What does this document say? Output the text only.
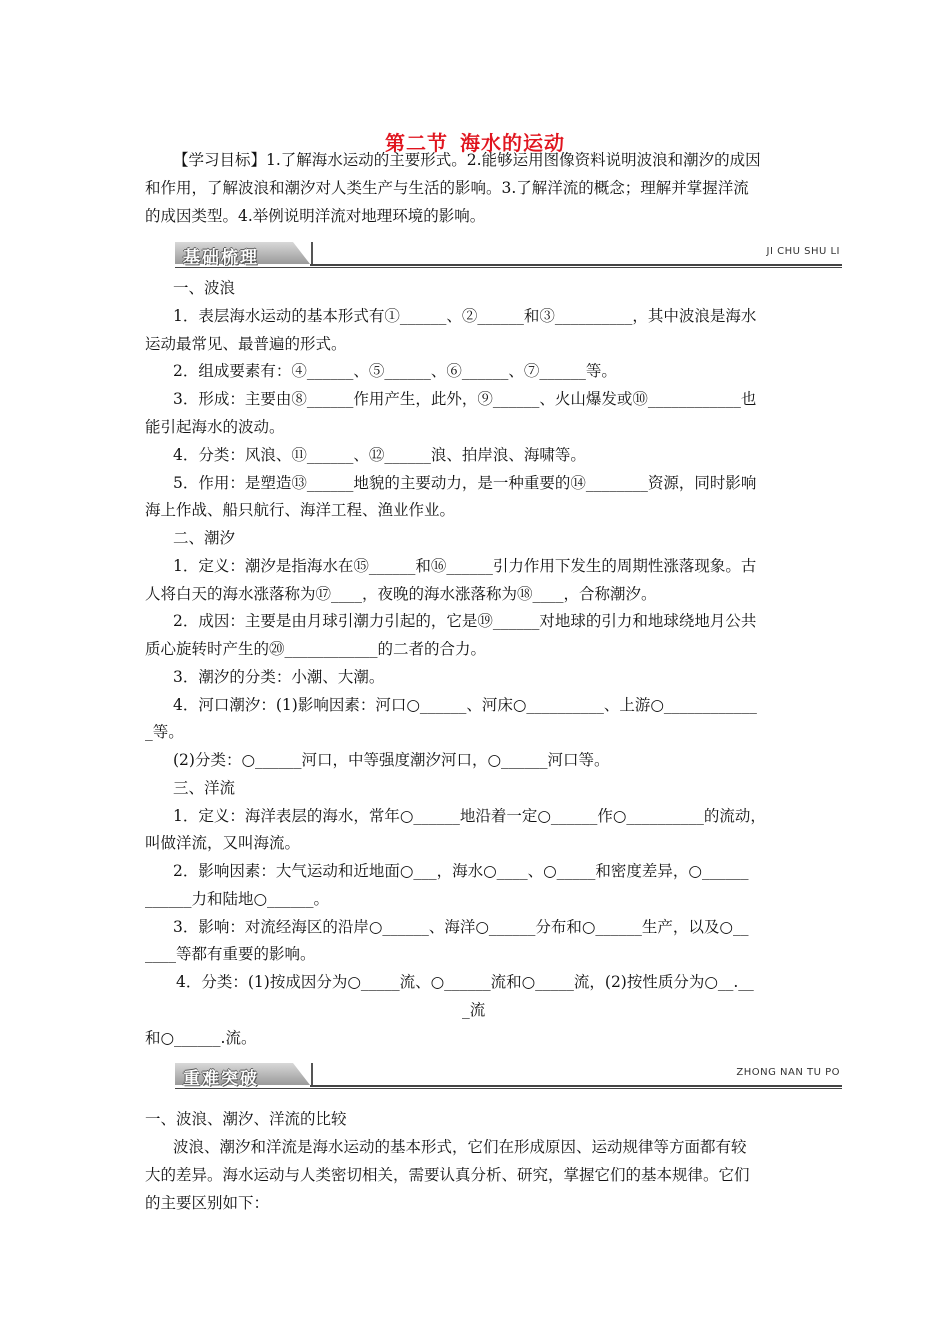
第二节 海水的运动
【学习目标】1.了解海水运动的主要形式。2.能够运用图像资料说明波浪和潮汐的成因
和作用，了解波浪和潮汐对人类生产与生活的影响。3.了解洋流的概念；理解并掌握洋流
的成因类型。4.举例说明洋流对地理环境的影响。
基础梳理	JI CHU SHU LI
一、波浪
1．表层海水运动的基本形式有①______、②______和③__________，其中波浪是海水
运动最常见、最普遍的形式。
2．组成要素有：④______、⑤______、⑥______、⑦______等。
3．形成：主要由⑧______作用产生，此外，⑨______、火山爆发或⑩____________也
能引起海水的波动。
4．分类：风浪、⑪______、⑫______浪、拍岸浪、海啸等。
5．作用：是塑造⑬______地貌的主要动力，是一种重要的⑭________资源，同时影响
海上作战、船只航行、海洋工程、渔业作业。
二、潮汐
1．定义：潮汐是指海水在⑮______和⑯______引力作用下发生的周期性涨落现象。古
人将白天的海水涨落称为⑰____，夜晚的海水涨落称为⑱____，合称潮汐。
2．成因：主要是由月球引潮力引起的，它是⑲______对地球的引力和地球绕地月公共
质心旋转时产生的⑳____________的二者的合力。
3．潮汐的分类：小潮、大潮。
4．河口潮汐：(1)影响因素：河口○______、河床○__________、上游○____________
_等。
(2)分类：○______河口，中等强度潮汐河口，○______河口等。
三、洋流
1．定义：海洋表层的海水，常年○______地沿着一定○______作○__________的流动，
叫做洋流，又叫海流。
2．影响因素：大气运动和近地面○___，海水○____、○_____和密度差异，○______
______力和陆地○______。
3．影响：对流经海区的沿岸○______、海洋○______分布和○______生产，以及○__
____等都有重要的影响。
4．分类：(1)按成因分为○_____流、○______流和○_____流，(2)按性质分为○__.__
_流
和○______.流。
重难突破	ZHONG NAN TU PO
一、波浪、潮汐、洋流的比较
波浪、潮汐和洋流是海水运动的基本形式，它们在形成原因、运动规律等方面都有较
大的差异。海水运动与人类密切相关，需要认真分析、研究，掌握它们的基本规律。它们
的主要区别如下：
